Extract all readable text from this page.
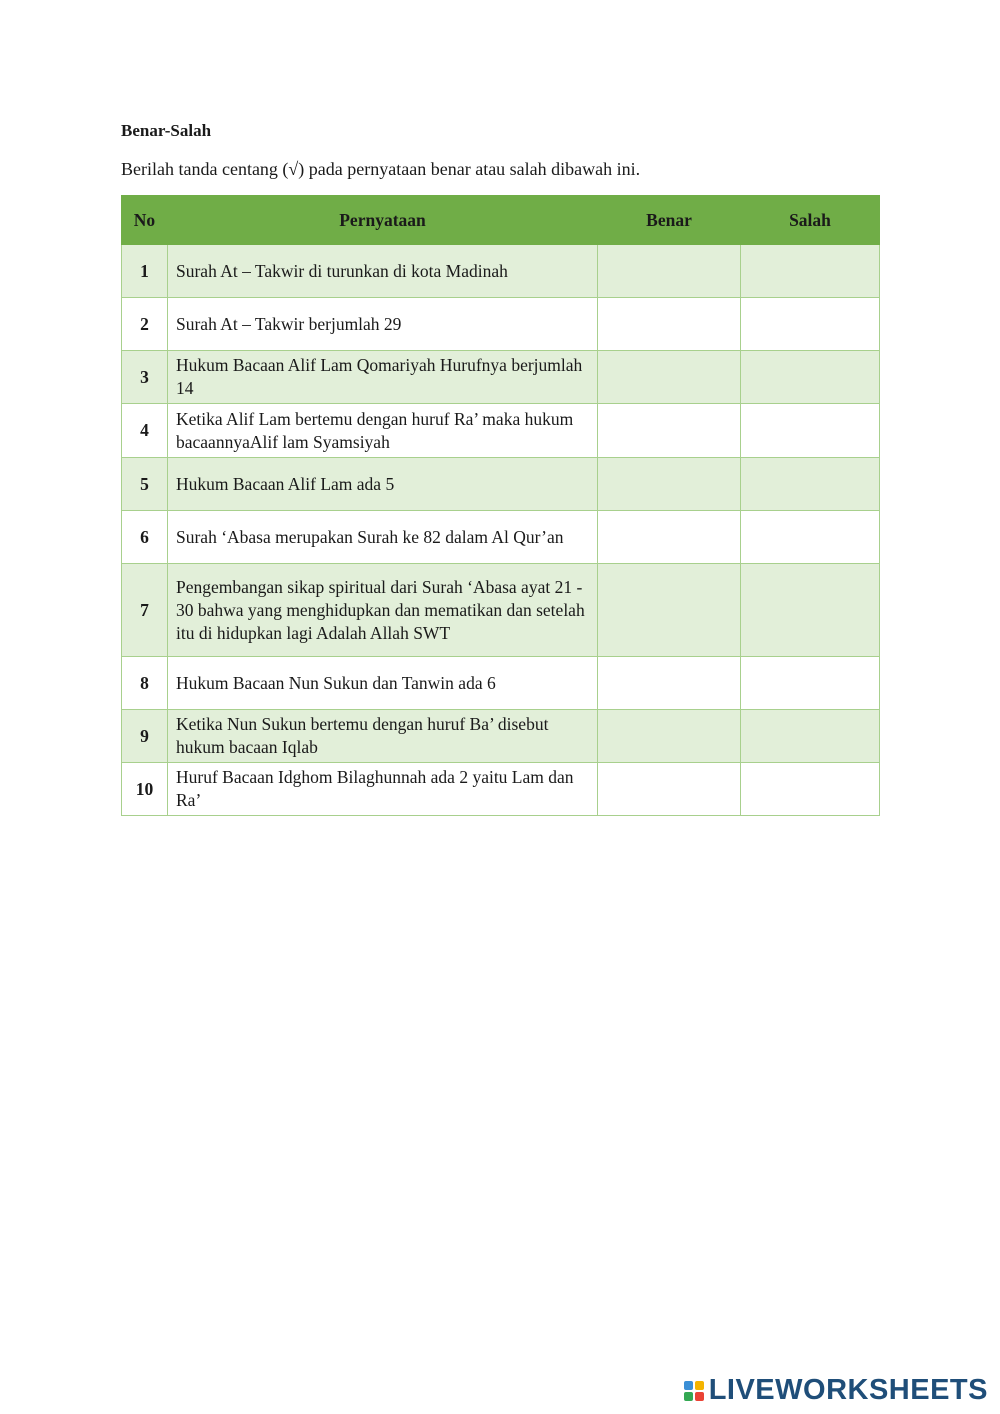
Benar-Salah
Berilah tanda centang (√) pada pernyataan benar atau salah dibawah ini.
No	Pernyataan	Benar	Salah
1	Surah At – Takwir di turunkan di kota Madinah		
2	Surah At – Takwir berjumlah 29		
3	Hukum Bacaan Alif Lam Qomariyah Hurufnya berjumlah 14		
4	Ketika Alif Lam bertemu dengan huruf Ra’ maka hukum bacaannyaAlif lam Syamsiyah		
5	Hukum Bacaan Alif Lam ada 5		
6	Surah ‘Abasa merupakan Surah ke 82 dalam Al Qur’an		
7	Pengembangan sikap spiritual dari Surah ‘Abasa ayat 21 - 30 bahwa yang menghidupkan dan mematikan dan setelah itu di hidupkan lagi Adalah Allah SWT		
8	Hukum Bacaan Nun Sukun dan Tanwin ada 6		
9	Ketika Nun Sukun bertemu dengan huruf Ba’ disebut hukum bacaan Iqlab		
10	Huruf Bacaan Idghom Bilaghunnah ada 2 yaitu Lam dan Ra’		
LIVEWORKSHEETS
